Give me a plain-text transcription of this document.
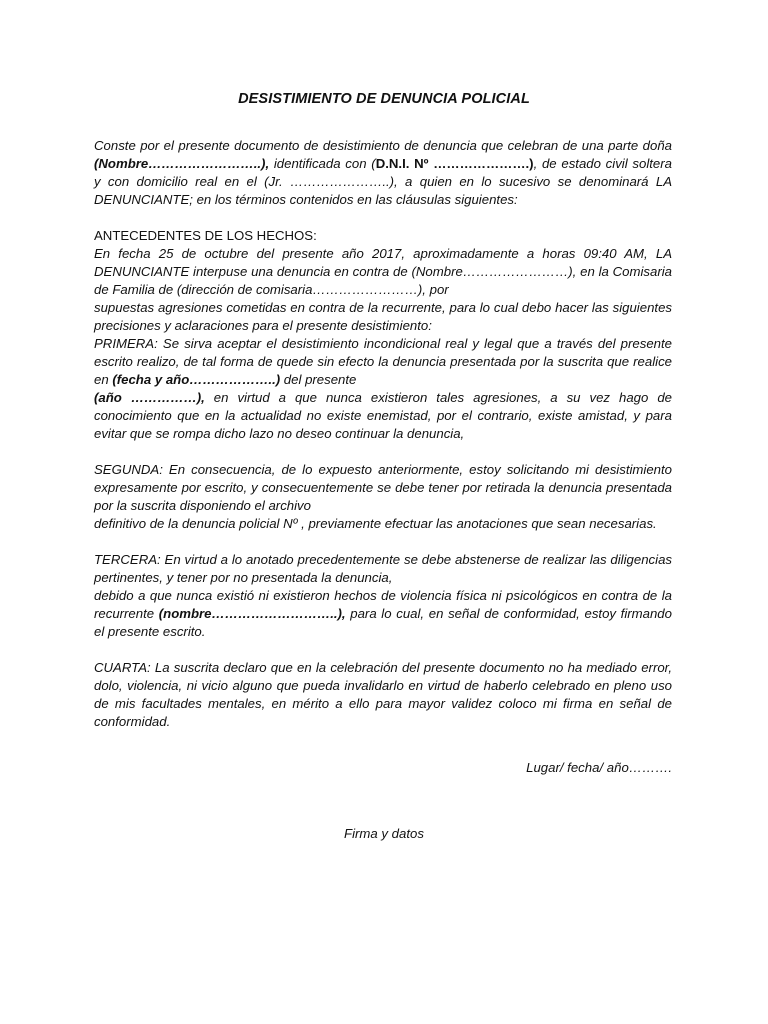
DESISTIMIENTO DE DENUNCIA POLICIAL

Conste por el presente documento de desistimiento de denuncia que celebran de una parte doña (Nombre……………………..), identificada con (D.N.I. Nº ………………….), de estado civil soltera y con domicilio real en el (Jr. …………………..), a quien en lo sucesivo se denominará LA DENUNCIANTE; en los términos contenidos en las cláusulas siguientes:

ANTECEDENTES DE LOS HECHOS:

En fecha 25 de octubre del presente año 2017, aproximadamente a horas 09:40 AM, LA DENUNCIANTE interpuse una denuncia en contra de (Nombre……………………), en la Comisaria de Familia de (dirección de comisaria……………………), por

supuestas agresiones cometidas en contra de la recurrente, para lo cual debo hacer las siguientes precisiones y aclaraciones para el presente desistimiento:

PRIMERA: Se sirva aceptar el desistimiento incondicional real y legal que a través del presente escrito realizo, de tal forma de quede sin efecto la denuncia presentada por la suscrita que realice en (fecha y año………………..) del presente

(año ……………), en virtud a que nunca existieron tales agresiones, a su vez hago de conocimiento que en la actualidad no existe enemistad, por el contrario, existe amistad, y para evitar que se rompa dicho lazo no deseo continuar la denuncia,

SEGUNDA: En consecuencia, de lo expuesto anteriormente, estoy solicitando mi desistimiento expresamente por escrito, y consecuentemente se debe tener por retirada la denuncia presentada por la suscrita disponiendo el archivo

definitivo de la denuncia policial Nº , previamente efectuar las anotaciones que sean necesarias.

TERCERA: En virtud a lo anotado precedentemente se debe abstenerse de realizar las diligencias pertinentes, y tener por no presentada la denuncia,

debido a que nunca existió ni existieron hechos de violencia física ni psicológicos en contra de la recurrente (nombre………………………..), para lo cual, en señal de conformidad, estoy firmando el presente escrito.

CUARTA: La suscrita declaro que en la celebración del presente documento no ha mediado error, dolo, violencia, ni vicio alguno que pueda invalidarlo en virtud de haberlo celebrado en pleno uso de mis facultades mentales, en mérito a ello para mayor validez coloco mi firma en señal de conformidad.

Lugar/ fecha/ año……….
Firma y datos
